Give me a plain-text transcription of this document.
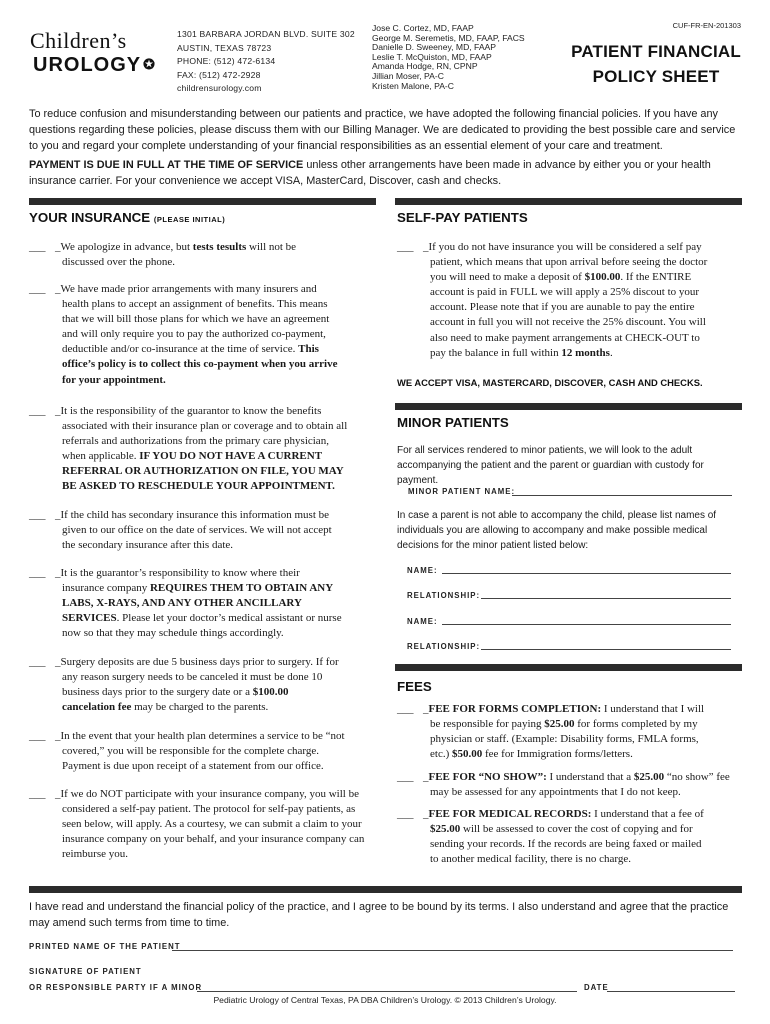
Children’s
UROLOGY ✪
1301 BARBARA JORDAN BLVD. SUITE 302
AUSTIN, TEXAS 78723
PHONE: (512) 472-6134
FAX: (512) 472-2928
childrensurology.com
Jose C. Cortez, MD, FAAP
George M. Seremetis, MD, FAAP, FACS
Danielle D. Sweeney, MD, FAAP
Leslie T. McQuiston, MD, FAAP
Amanda Hodge, RN, CPNP
Jillian Moser, PA-C
Kristen Malone, PA-C
CUF-FR-EN-201303
PATIENT FINANCIAL
POLICY SHEET
To reduce confusion and misunderstanding between our patients and practice, we have adopted the following financial policies. If you have any questions regarding these policies, please discuss them with our Billing Manager. We are dedicated to providing the best possible care and service to you and regard your complete understanding of your financial responsibilities as an essential element of your care and treatment.
PAYMENT IS DUE IN FULL AT THE TIME OF SERVICE unless other arrangements have been made in advance by either you or your health insurance carrier. For your convenience we accept VISA, MasterCard, Discover, cash and checks.
YOUR INSURANCE (PLEASE INITIAL)
___ _We apologize in advance, but tests tesults will not be discussed over the phone.
___ _We have made prior arrangements with many insurers and health plans to accept an assignment of benefits. This means that we will bill those plans for which we have an agreement and will only require you to pay the authorized co-payment, deductible and/or co-insurance at the time of service. This office’s policy is to collect this co-payment when you arrive for your appointment.
___ _It is the responsibility of the guarantor to know the benefits associated with their insurance plan or coverage and to obtain all referrals and authorizations from the primary care physician, when applicable. IF YOU DO NOT HAVE A CURRENT REFERRAL OR AUTHORIZATION ON FILE, YOU MAY BE ASKED TO RESCHEDULE YOUR APPOINTMENT.
___ _If the child has secondary insurance this information must be given to our office on the date of services. We will not accept the secondary insurance after this date.
___ _It is the guarantor’s responsibility to know where their insurance company REQUIRES THEM TO OBTAIN ANY LABS, X-RAYS, AND ANY OTHER ANCILLARY SERVICES. Please let your doctor’s medical assistant or nurse now so that they may schedule things accordingly.
___ _Surgery deposits are due 5 business days prior to surgery. If for any reason surgery needs to be canceled it must be done 10 business days prior to the surgery date or a $100.00 cancelation fee may be charged to the parents.
___ _In the event that your health plan determines a service to be “not covered,” you will be responsible for the complete charge. Payment is due upon receipt of a statement from our office.
___ _If we do NOT participate with your insurance company, you will be considered a self-pay patient. The protocol for self-pay patients, as seen below, will apply. As a courtesy, we can submit a claim to your insurance company on your behalf, and your insurance company can reimburse you.
SELF-PAY PATIENTS
___ _If you do not have insurance you will be considered a self pay patient, which means that upon arrival before seeing the doctor you will need to make a deposit of $100.00. If the ENTIRE account is paid in FULL we will apply a 25% discout to your account. Please note that if you are aunable to pay the entire account in full you will not receive the 25% discount. You will also need to make payment arrangements at CHECK-OUT to pay the balance in full within 12 months.
WE ACCEPT VISA, MASTERCARD, DISCOVER, CASH AND CHECKS.
MINOR PATIENTS
For all services rendered to minor patients, we will look to the adult accompanying the patient and the parent or guardian with custody for payment.
MINOR PATIENT NAME:
In case a parent is not able to accompany the child, please list names of individuals you are allowing to accompany and make possible medical decisions for the minor patient listed below:
NAME:
RELATIONSHIP:
NAME:
RELATIONSHIP:
FEES
___ _FEE FOR FORMS COMPLETION: I understand that I will be responsible for paying $25.00 for forms completed by my physician or staff. (Example: Disability forms, FMLA forms, etc.) $50.00 fee for Immigration forms/letters.
___ _FEE FOR “NO SHOW”: I understand that a $25.00 “no show” fee may be assessed for any appointments that I do not keep.
___ _FEE FOR MEDICAL RECORDS: I understand that a fee of $25.00 will be assessed to cover the cost of copying and for sending your records. If the records are being faxed or mailed to another medical facility, there is no charge.
I have read and understand the financial policy of the practice, and I agree to be bound by its terms. I also understand and agree that the practice may amend such terms from time to time.
PRINTED NAME OF THE PATIENT
SIGNATURE OF PATIENT
OR RESPONSIBLE PARTY IF A MINOR	DATE
Pediatric Urology of Central Texas, PA DBA Children’s Urology. © 2013 Children’s Urology.
